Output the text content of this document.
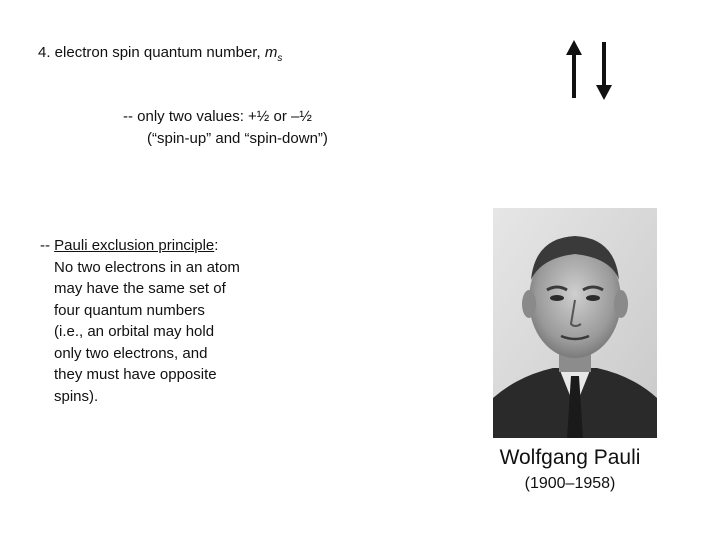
4. electron spin quantum number, $m_s$
-- only two values: +½ or –½
(“spin-up” and “spin-down”)
-- Pauli exclusion principle:
No two electrons in an atom
may have the same set of
four quantum numbers
(i.e., an orbital may hold
only two electrons, and
they must have opposite
spins).
Wolfgang Pauli
(1900–1958)
